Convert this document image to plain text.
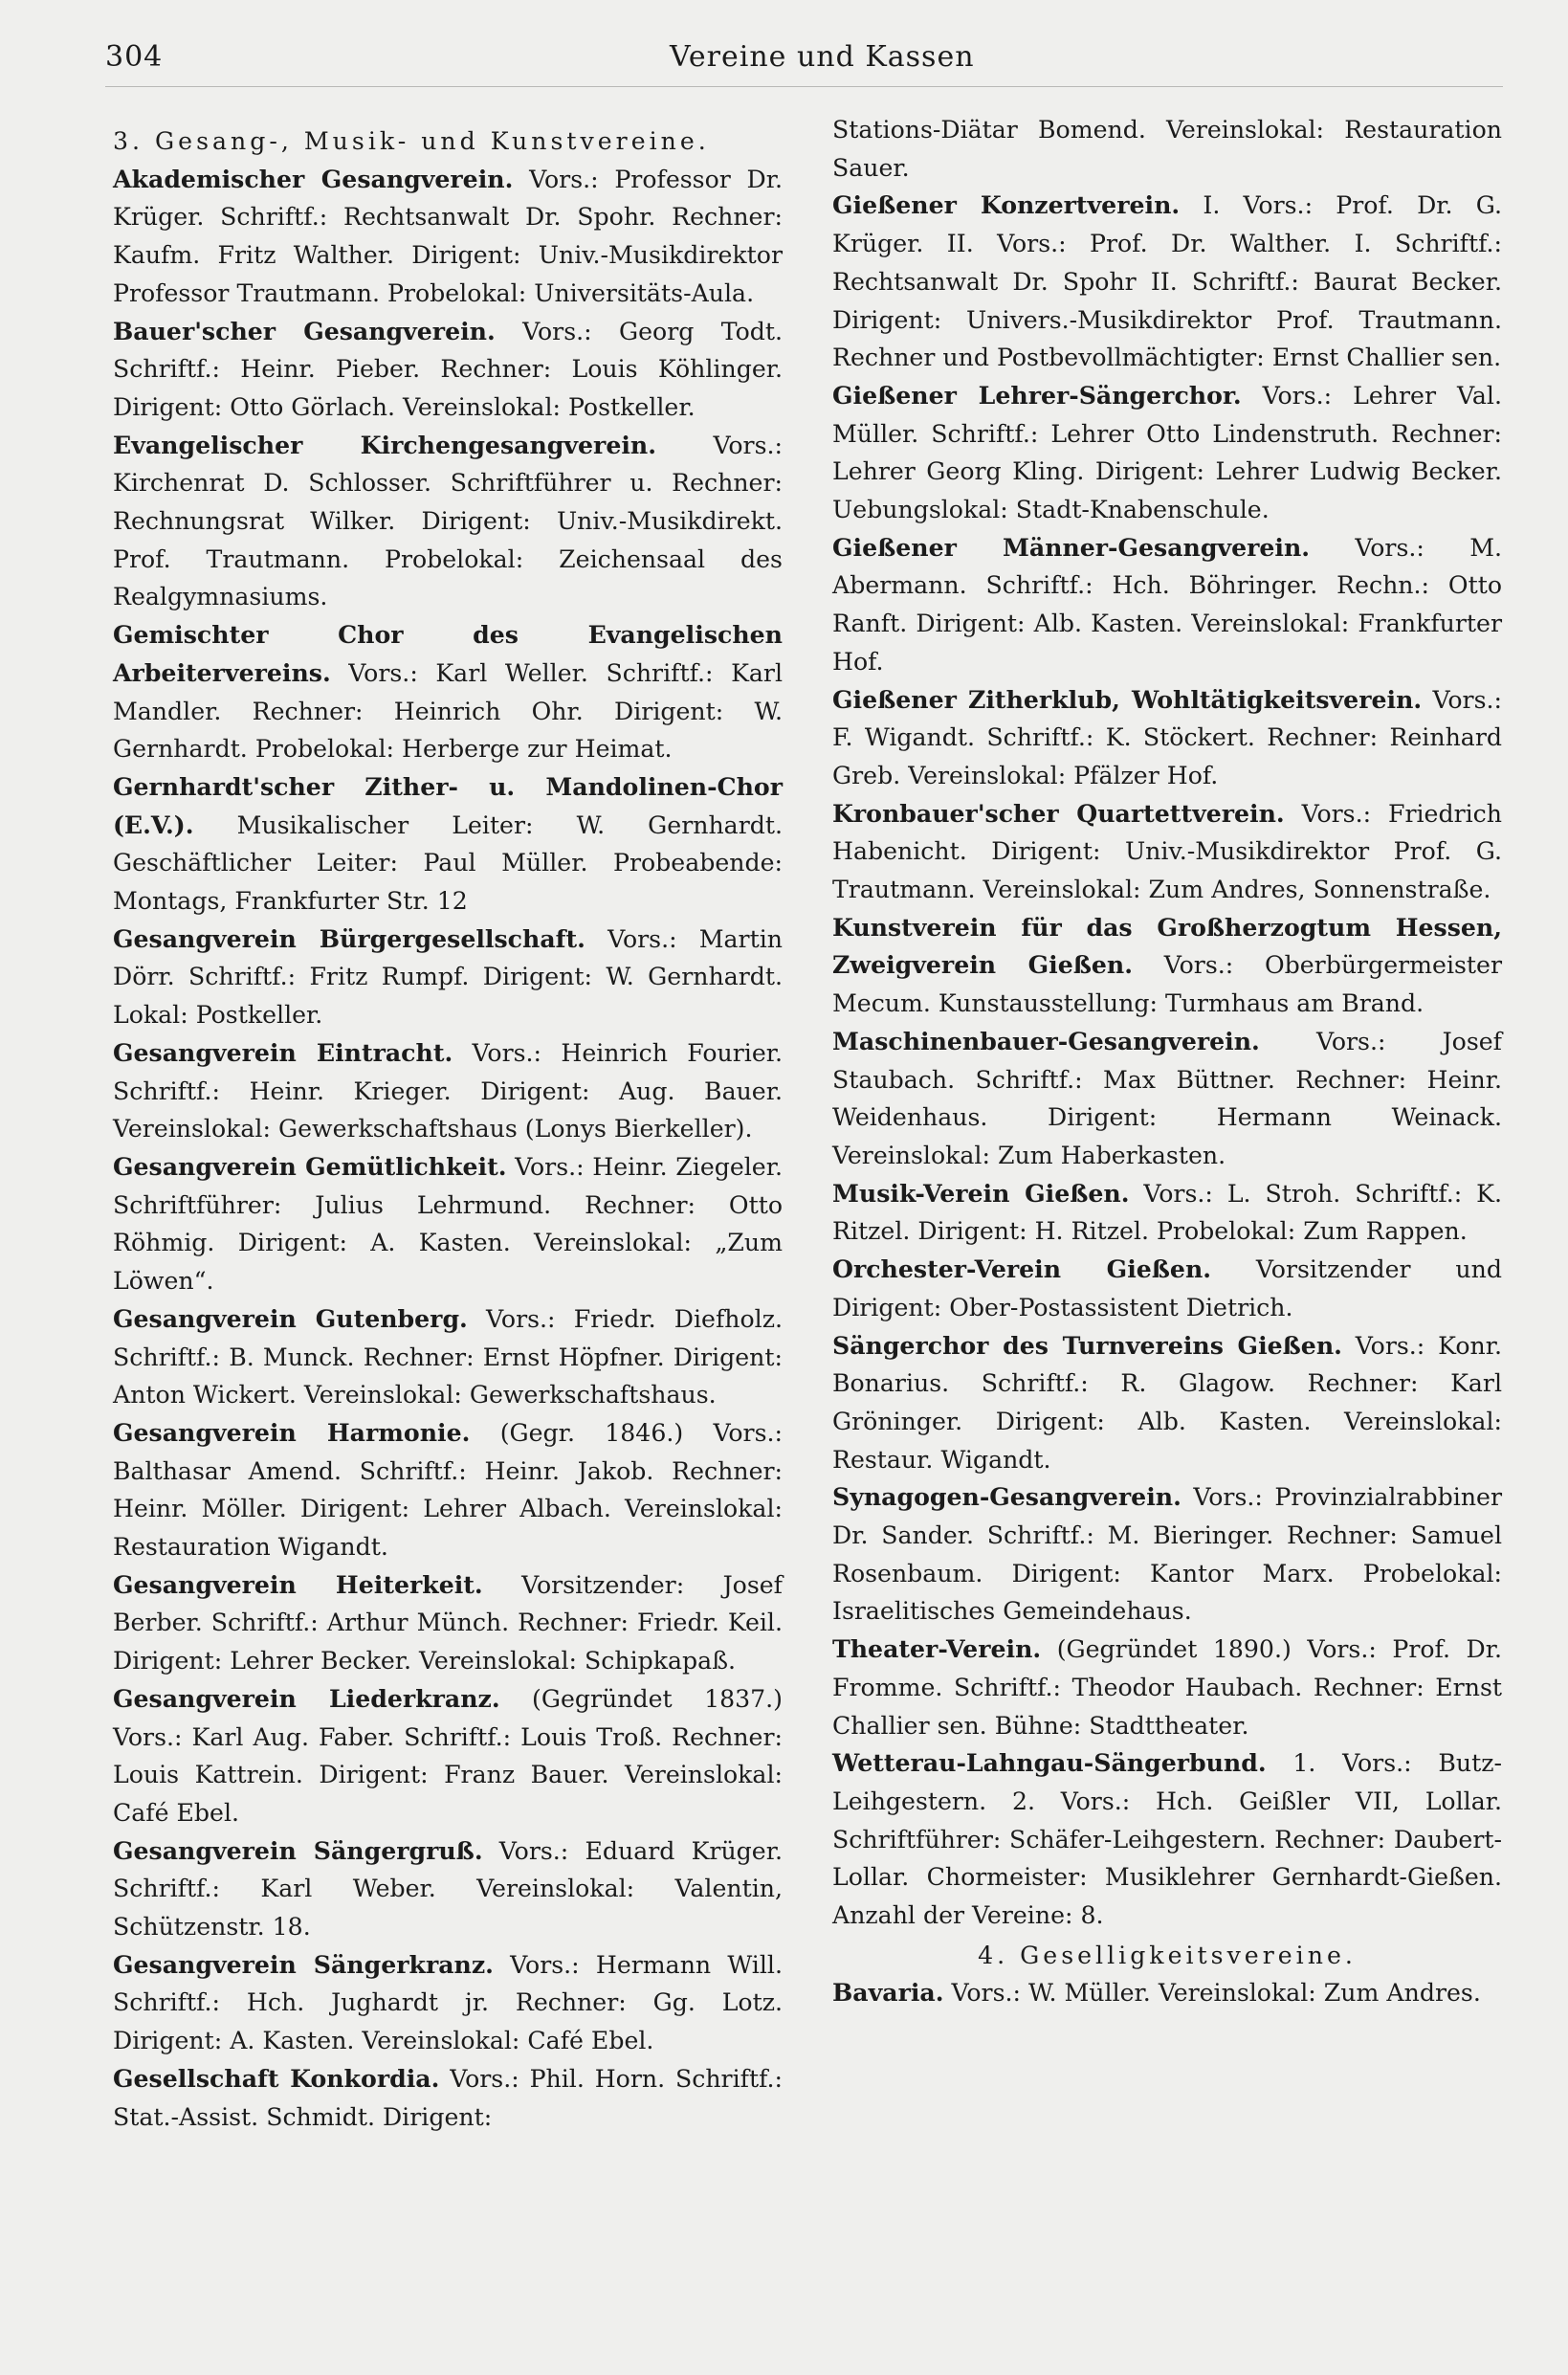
304	Vereine und Kassen

3. Gesang-, Musik- und Kunstvereine.

Akademischer Gesangverein. Vors.: Professor Dr. Krüger. Schriftf.: Rechtsanwalt Dr. Spohr. Rechner: Kaufm. Fritz Walther. Dirigent: Univ.-Musikdirektor Professor Trautmann. Probelokal: Universitäts-Aula.

Bauer'scher Gesangverein. Vors.: Georg Todt. Schriftf.: Heinr. Pieber. Rechner: Louis Köhlinger. Dirigent: Otto Görlach. Vereinslokal: Postkeller.

Evangelischer Kirchengesangverein. Vors.: Kirchenrat D. Schlosser. Schriftführer u. Rechner: Rechnungsrat Wilker. Dirigent: Univ.-Musikdirekt. Prof. Trautmann. Probelokal: Zeichensaal des Realgymnasiums.

Gemischter Chor des Evangelischen Arbeitervereins. Vors.: Karl Weller. Schriftf.: Karl Mandler. Rechner: Heinrich Ohr. Dirigent: W. Gernhardt. Probelokal: Herberge zur Heimat.

Gernhardt'scher Zither- u. Mandolinen-Chor (E.V.). Musikalischer Leiter: W. Gernhardt. Geschäftlicher Leiter: Paul Müller. Probeabende: Montags, Frankfurter Str. 12

Gesangverein Bürgergesellschaft. Vors.: Martin Dörr. Schriftf.: Fritz Rumpf. Dirigent: W. Gernhardt. Lokal: Postkeller.

Gesangverein Eintracht. Vors.: Heinrich Fourier. Schriftf.: Heinr. Krieger. Dirigent: Aug. Bauer. Vereinslokal: Gewerkschaftshaus (Lonys Bierkeller).

Gesangverein Gemütlichkeit. Vors.: Heinr. Ziegeler. Schriftführer: Julius Lehrmund. Rechner: Otto Röhmig. Dirigent: A. Kasten. Vereinslokal: „Zum Löwen“.

Gesangverein Gutenberg. Vors.: Friedr. Diefholz. Schriftf.: B. Munck. Rechner: Ernst Höpfner. Dirigent: Anton Wickert. Vereinslokal: Gewerkschaftshaus.

Gesangverein Harmonie. (Gegr. 1846.) Vors.: Balthasar Amend. Schriftf.: Heinr. Jakob. Rechner: Heinr. Möller. Dirigent: Lehrer Albach. Vereinslokal: Restauration Wigandt.

Gesangverein Heiterkeit. Vorsitzender: Josef Berber. Schriftf.: Arthur Münch. Rechner: Friedr. Keil. Dirigent: Lehrer Becker. Vereinslokal: Schipkapaß.

Gesangverein Liederkranz. (Gegründet 1837.) Vors.: Karl Aug. Faber. Schriftf.: Louis Troß. Rechner: Louis Kattrein. Dirigent: Franz Bauer. Vereinslokal: Café Ebel.

Gesangverein Sängergruß. Vors.: Eduard Krüger. Schriftf.: Karl Weber. Vereinslokal: Valentin, Schützenstr. 18.

Gesangverein Sängerkranz. Vors.: Hermann Will. Schriftf.: Hch. Jughardt jr. Rechner: Gg. Lotz. Dirigent: A. Kasten. Vereinslokal: Café Ebel.

Gesellschaft Konkordia. Vors.: Phil. Horn. Schriftf.: Stat.-Assist. Schmidt. Dirigent:

Stations-Diätar Bomend. Vereinslokal: Restauration Sauer.

Gießener Konzertverein. I. Vors.: Prof. Dr. G. Krüger. II. Vors.: Prof. Dr. Walther. I. Schriftf.: Rechtsanwalt Dr. Spohr II. Schriftf.: Baurat Becker. Dirigent: Univers.-Musikdirektor Prof. Trautmann. Rechner und Postbevollmächtigter: Ernst Challier sen.

Gießener Lehrer-Sängerchor. Vors.: Lehrer Val. Müller. Schriftf.: Lehrer Otto Lindenstruth. Rechner: Lehrer Georg Kling. Dirigent: Lehrer Ludwig Becker. Uebungslokal: Stadt-Knabenschule.

Gießener Männer-Gesangverein. Vors.: M. Abermann. Schriftf.: Hch. Böhringer. Rechn.: Otto Ranft. Dirigent: Alb. Kasten. Vereinslokal: Frankfurter Hof.

Gießener Zitherklub, Wohltätigkeitsverein. Vors.: F. Wigandt. Schriftf.: K. Stöckert. Rechner: Reinhard Greb. Vereinslokal: Pfälzer Hof.

Kronbauer'scher Quartettverein. Vors.: Friedrich Habenicht. Dirigent: Univ.-Musikdirektor Prof. G. Trautmann. Vereinslokal: Zum Andres, Sonnenstraße.

Kunstverein für das Großherzogtum Hessen, Zweigverein Gießen. Vors.: Oberbürgermeister Mecum. Kunstausstellung: Turmhaus am Brand.

Maschinenbauer-Gesangverein. Vors.: Josef Staubach. Schriftf.: Max Büttner. Rechner: Heinr. Weidenhaus. Dirigent: Hermann Weinack. Vereinslokal: Zum Haberkasten.

Musik-Verein Gießen. Vors.: L. Stroh. Schriftf.: K. Ritzel. Dirigent: H. Ritzel. Probelokal: Zum Rappen.

Orchester-Verein Gießen. Vorsitzender und Dirigent: Ober-Postassistent Dietrich.

Sängerchor des Turnvereins Gießen. Vors.: Konr. Bonarius. Schriftf.: R. Glagow. Rechner: Karl Gröninger. Dirigent: Alb. Kasten. Vereinslokal: Restaur. Wigandt.

Synagogen-Gesangverein. Vors.: Provinzialrabbiner Dr. Sander. Schriftf.: M. Bieringer. Rechner: Samuel Rosenbaum. Dirigent: Kantor Marx. Probelokal: Israelitisches Gemeindehaus.

Theater-Verein. (Gegründet 1890.) Vors.: Prof. Dr. Fromme. Schriftf.: Theodor Haubach. Rechner: Ernst Challier sen. Bühne: Stadttheater.

Wetterau-Lahngau-Sängerbund. 1. Vors.: Butz-Leihgestern. 2. Vors.: Hch. Geißler VII, Lollar. Schriftführer: Schäfer-Leihgestern. Rechner: Daubert-Lollar. Chormeister: Musiklehrer Gernhardt-Gießen. Anzahl der Vereine: 8.

4. Geselligkeitsvereine.

Bavaria. Vors.: W. Müller. Vereinslokal: Zum Andres.
